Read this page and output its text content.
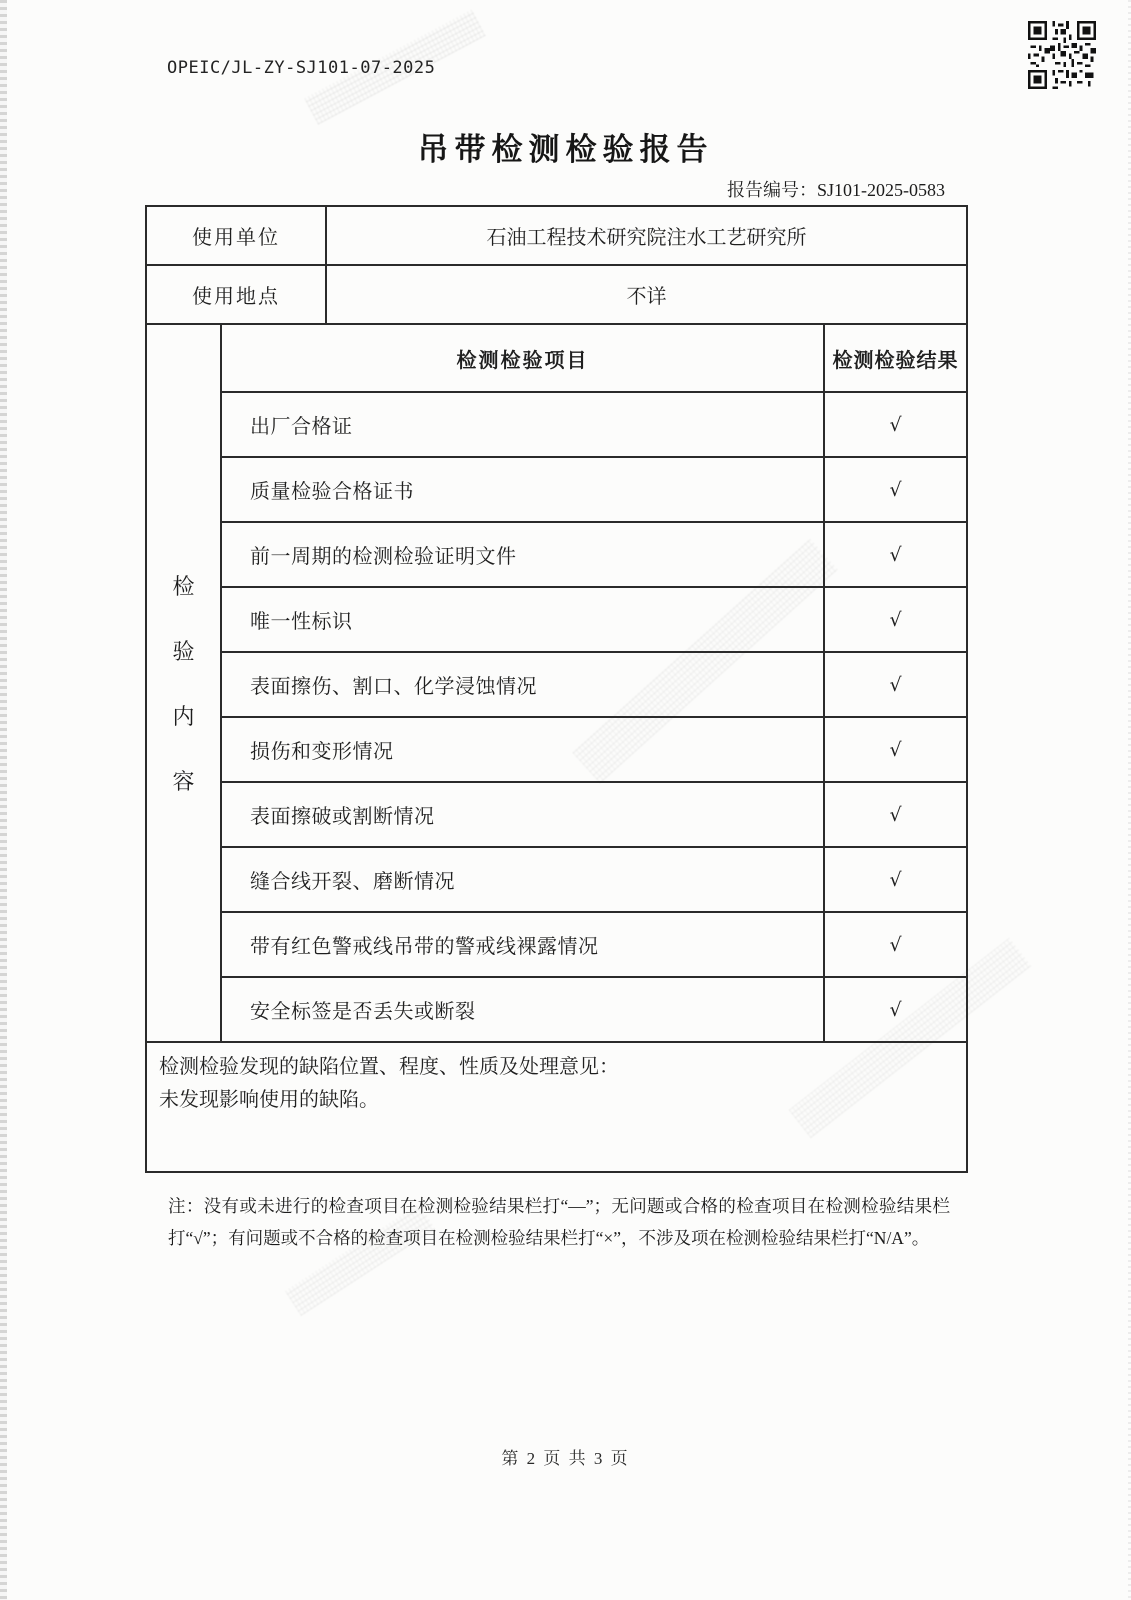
OPEIC/JL-ZY-SJ101-07-2025
吊带检测检验报告
报告编号：SJ101-2025-0583
使用单位	石油工程技术研究院注水工艺研究所
使用地点	不详
检
验
内
容
检测检验项目	检测检验结果
出厂合格证	√
质量检验合格证书	√
前一周期的检测检验证明文件	√
唯一性标识	√
表面擦伤、割口、化学浸蚀情况	√
损伤和变形情况	√
表面擦破或割断情况	√
缝合线开裂、磨断情况	√
带有红色警戒线吊带的警戒线裸露情况	√
安全标签是否丢失或断裂	√
检测检验发现的缺陷位置、程度、性质及处理意见：
未发现影响使用的缺陷。
注：没有或未进行的检查项目在检测检验结果栏打“—”；无问题或合格的检查项目在检测检验结果栏打“√”；有问题或不合格的检查项目在检测检验结果栏打“×”，不涉及项在检测检验结果栏打“N/A”。
第 2 页 共 3 页
